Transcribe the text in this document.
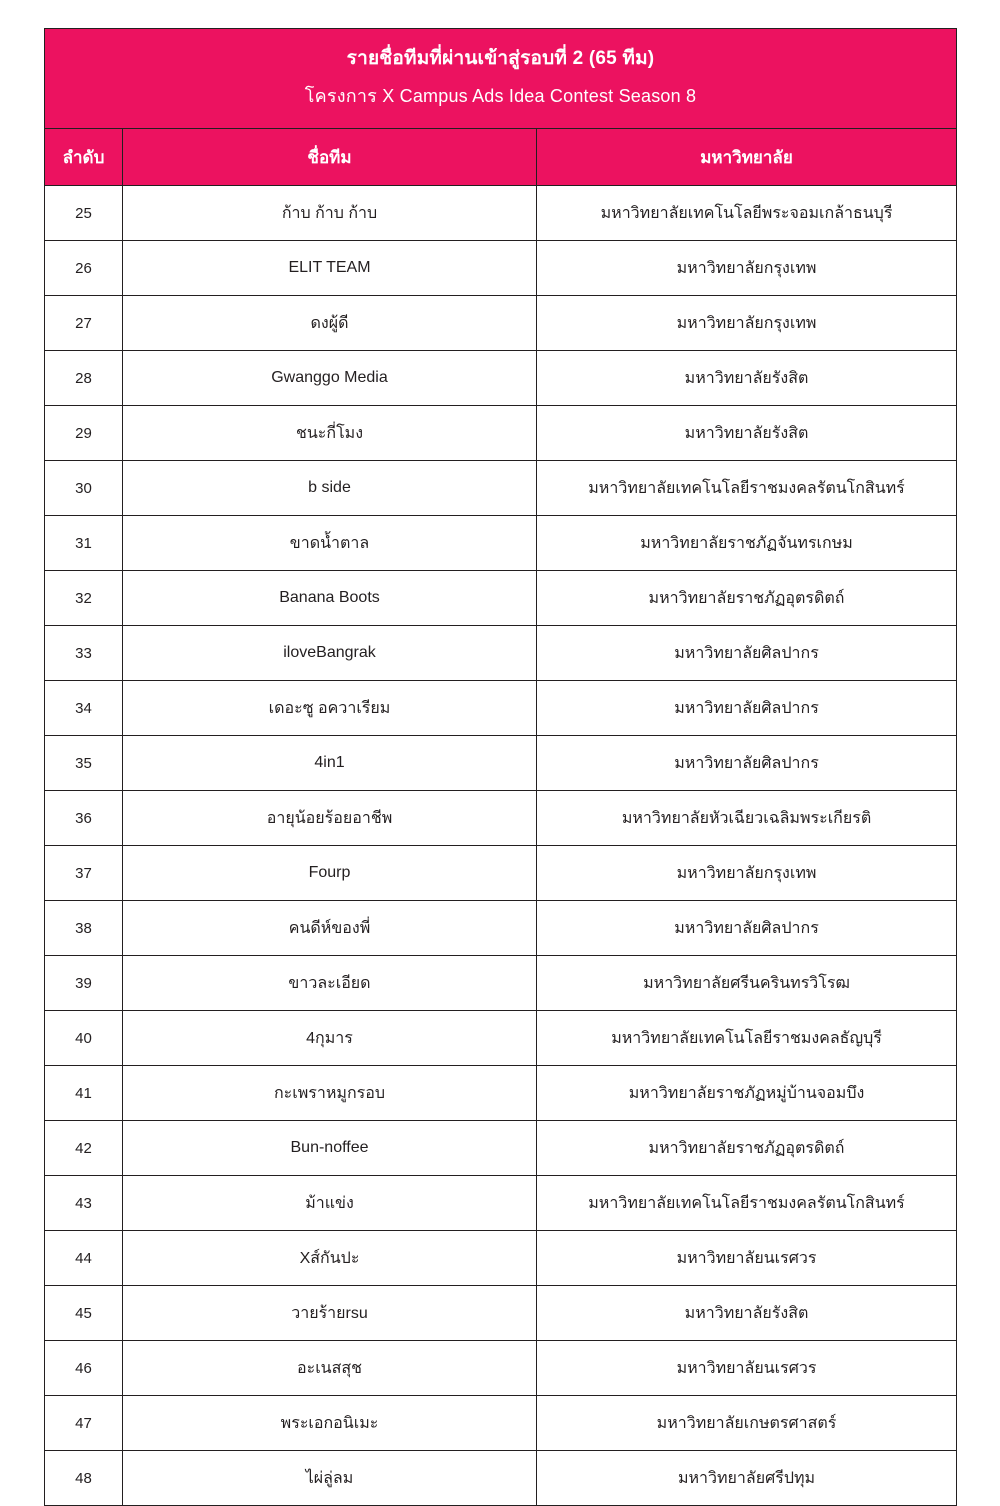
รายชื่อทีมที่ผ่านเข้าสู่รอบที่ 2 (65 ทีม)
โครงการ X Campus Ads Idea Contest Season 8		

ลำดับ	ชื่อทีม	มหาวิทยาลัย
25	ก้าบ ก้าบ ก้าบ	มหาวิทยาลัยเทคโนโลยีพระจอมเกล้าธนบุรี
26	ELIT TEAM	มหาวิทยาลัยกรุงเทพ
27	ดงผู้ดี	มหาวิทยาลัยกรุงเทพ
28	Gwanggo Media	มหาวิทยาลัยรังสิต
29	ชนะกี่โมง	มหาวิทยาลัยรังสิต
30	b side	มหาวิทยาลัยเทคโนโลยีราชมงคลรัตนโกสินทร์
31	ขาดน้ำตาล	มหาวิทยาลัยราชภัฏจันทรเกษม
32	Banana Boots	มหาวิทยาลัยราชภัฏอุตรดิตถ์
33	iloveBangrak	มหาวิทยาลัยศิลปากร
34	เดอะซู อควาเรียม	มหาวิทยาลัยศิลปากร
35	4in1	มหาวิทยาลัยศิลปากร
36	อายุน้อยร้อยอาชีพ	มหาวิทยาลัยหัวเฉียวเฉลิมพระเกียรติ
37	Fourp	มหาวิทยาลัยกรุงเทพ
38	คนดีห์ของพี่	มหาวิทยาลัยศิลปากร
39	ขาวละเอียด	มหาวิทยาลัยศรีนครินทรวิโรฒ
40	4กุมาร	มหาวิทยาลัยเทคโนโลยีราชมงคลธัญบุรี
41	กะเพราหมูกรอบ	มหาวิทยาลัยราชภัฏหมู่บ้านจอมบึง
42	Bun-noffee	มหาวิทยาลัยราชภัฏอุตรดิตถ์
43	ม้าแข่ง	มหาวิทยาลัยเทคโนโลยีราชมงคลรัตนโกสินทร์
44	Xส์กันปะ	มหาวิทยาลัยนเรศวร
45	วายร้ายrsu	มหาวิทยาลัยรังสิต
46	อะเนสสุช	มหาวิทยาลัยนเรศวร
47	พระเอกอนิเมะ	มหาวิทยาลัยเกษตรศาสตร์
48	ไผ่ลู่ลม	มหาวิทยาลัยศรีปทุม
